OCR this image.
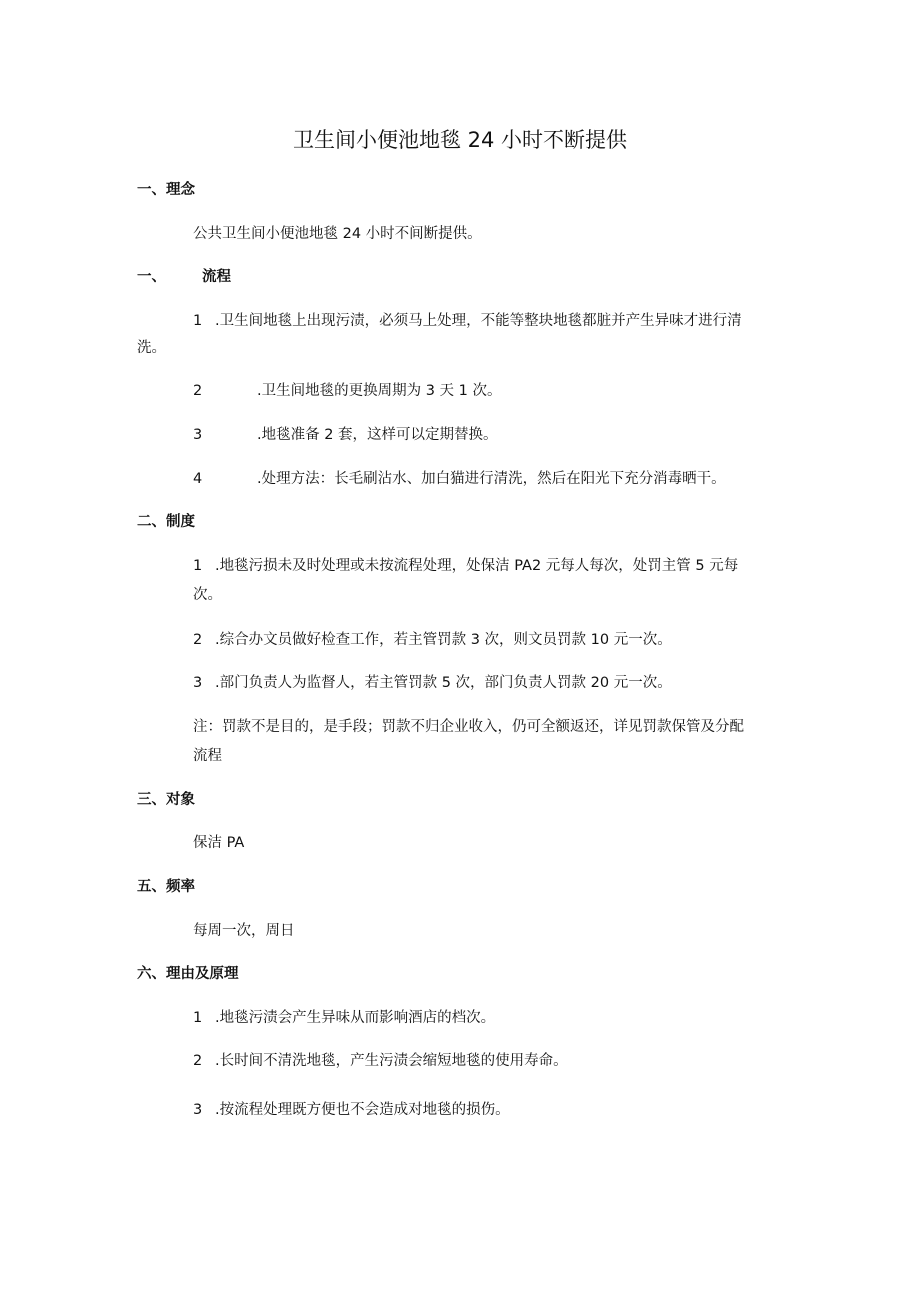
卫生间小便池地毯 24 小时不断提供
一、理念
公共卫生间小便池地毯 24 小时不间断提供。
一、 流程
1 .卫生间地毯上出现污渍，必须马上处理，不能等整块地毯都脏并产生异味才进行清
洗。
2	.卫生间地毯的更换周期为 3 天 1 次。
3	.地毯准备 2 套，这样可以定期替换。
4	.处理方法：长毛刷沾水、加白猫进行清洗，然后在阳光下充分消毒晒干。
二、制度
1 .地毯污损未及时处理或未按流程处理，处保洁 PA2 元每人每次，处罚主管 5 元每
次。
2 .综合办文员做好检查工作，若主管罚款 3 次，则文员罚款 10 元一次。
3 .部门负责人为监督人，若主管罚款 5 次，部门负责人罚款 20 元一次。
注：罚款不是目的，是手段；罚款不归企业收入，仍可全额返还，详见罚款保管及分配
流程
三、对象
保洁 PA
五、频率
每周一次，周日
六、理由及原理
1 .地毯污渍会产生异味从而影响酒店的档次。
2 .长时间不清洗地毯，产生污渍会缩短地毯的使用寿命。
3 .按流程处理既方便也不会造成对地毯的损伤。
